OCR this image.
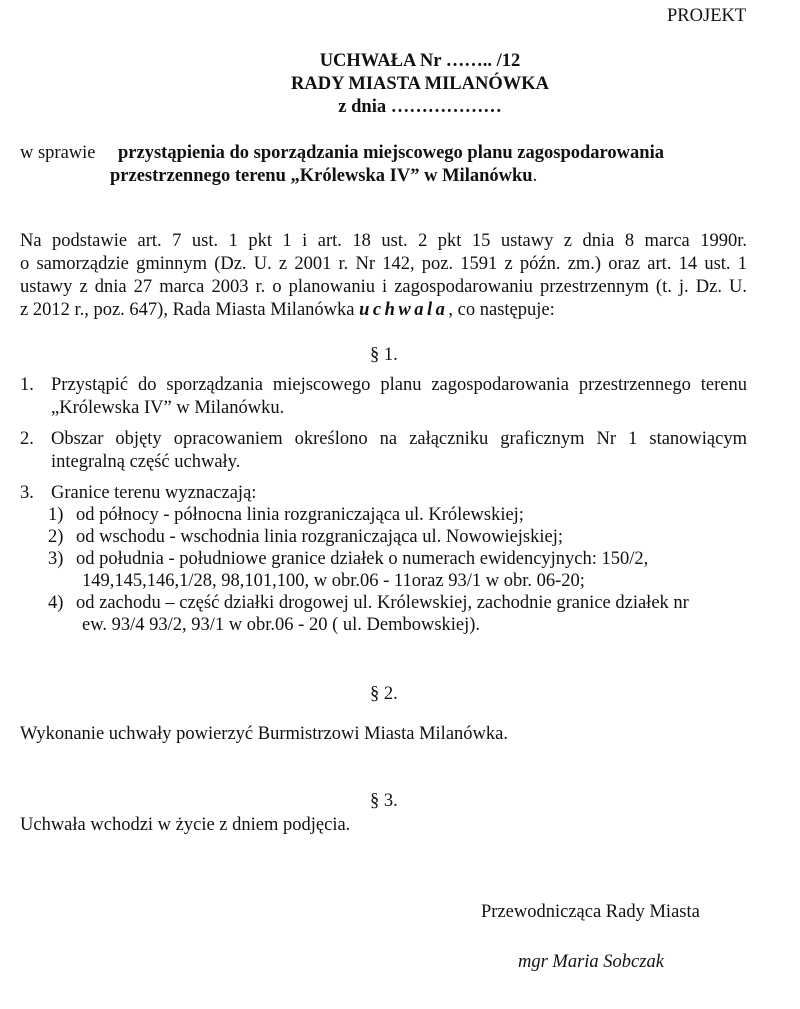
PROJEKT
UCHWAŁA Nr …….. /12
RADY MIASTA MILANÓWKA
z dnia ………………
w sprawie przystąpienia do sporządzania miejscowego planu zagospodarowania
przestrzennego terenu „Królewska IV” w Milanówku.
Na podstawie art. 7 ust. 1 pkt 1 i art. 18 ust. 2 pkt 15 ustawy z dnia 8 marca 1990r.
o samorządzie gminnym (Dz. U. z 2001 r. Nr 142, poz. 1591 z późn. zm.) oraz art. 14 ust. 1
ustawy z dnia 27 marca 2003 r. o planowaniu i zagospodarowaniu przestrzennym (t. j. Dz. U.
z 2012 r., poz. 647), Rada Miasta Milanówka uchwala, co następuje:
§ 1.
1. Przystąpić do sporządzania miejscowego planu zagospodarowania przestrzennego terenu
„Królewska IV” w Milanówku.
2. Obszar objęty opracowaniem określono na załączniku graficznym Nr 1 stanowiącym
integralną część uchwały.
3. Granice terenu wyznaczają:
1) od północy - północna linia rozgraniczająca ul. Królewskiej;
2) od wschodu - wschodnia linia rozgraniczająca ul. Nowowiejskiej;
3) od południa - południowe granice działek o numerach ewidencyjnych: 150/2,
149,145,146,1/28, 98,101,100, w obr.06 - 11oraz 93/1 w obr. 06-20;
4) od zachodu – część działki drogowej ul. Królewskiej, zachodnie granice działek nr
ew. 93/4 93/2, 93/1 w obr.06 - 20 ( ul. Dembowskiej).
§ 2.
Wykonanie uchwały powierzyć Burmistrzowi Miasta Milanówka.
§ 3.
Uchwała wchodzi w życie z dniem podjęcia.
Przewodnicząca Rady Miasta
mgr Maria Sobczak
